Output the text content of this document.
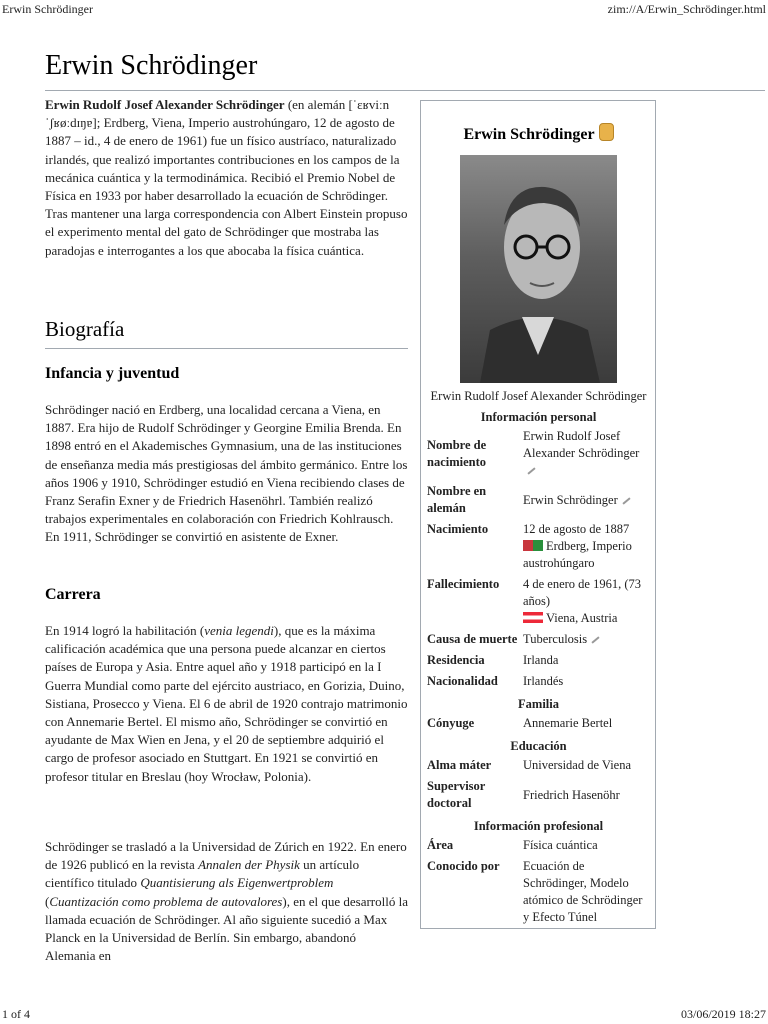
Erwin Schrödinger	zim://A/Erwin_Schrödinger.html
Erwin Schrödinger

Erwin Rudolf Josef Alexander Schrödinger (en alemán [ˈɛʁviːn ˈʃʁøːdɪŋɐ]; Erdberg, Viena, Imperio austrohúngaro, 12 de agosto de 1887 – id., 4 de enero de 1961) fue un físico austríaco, naturalizado irlandés, que realizó importantes contribuciones en los campos de la mecánica cuántica y la termodinámica. Recibió el Premio Nobel de Física en 1933 por haber desarrollado la ecuación de Schrödinger. Tras mantener una larga correspondencia con Albert Einstein propuso el experimento mental del gato de Schrödinger que mostraba las paradojas e interrogantes a los que abocaba la física cuántica.

Biografía
Infancia y juventud

Schrödinger nació en Erdberg, una localidad cercana a Viena, en 1887. Era hijo de Rudolf Schrödinger y Georgine Emilia Brenda. En 1898 entró en el Akademisches Gymnasium, una de las instituciones de enseñanza media más prestigiosas del ámbito germánico. Entre los años 1906 y 1910, Schrödinger estudió en Viena recibiendo clases de Franz Serafin Exner y de Friedrich Hasenöhrl. También realizó trabajos experimentales en colaboración con Friedrich Kohlrausch. En 1911, Schrödinger se convirtió en asistente de Exner.

Carrera

En 1914 logró la habilitación (venia legendi), que es la máxima calificación académica que una persona puede alcanzar en ciertos países de Europa y Asia. Entre aquel año y 1918 participó en la I Guerra Mundial como parte del ejército austriaco, en Gorizia, Duino, Sistiana, Prosecco y Viena. El 6 de abril de 1920 contrajo matrimonio con Annemarie Bertel. El mismo año, Schrödinger se convirtió en ayudante de Max Wien en Jena, y el 20 de septiembre adquirió el cargo de profesor asociado en Stuttgart. En 1921 se convirtió en profesor titular en Breslau (hoy Wrocław, Polonia).

Schrödinger se trasladó a la Universidad de Zúrich en 1922. En enero de 1926 publicó en la revista Annalen der Physik un artículo científico titulado Quantisierung als Eigenwertproblem (Cuantización como problema de autovalores), en el que desarrolló la llamada ecuación de Schrödinger. Al año siguiente sucedió a Max Planck en la Universidad de Berlín. Sin embargo, abandonó Alemania en

Erwin Schrödinger
Erwin Rudolf Josef Alexander Schrödinger
Información personal
Nombre de nacimiento	Erwin Rudolf Josef Alexander Schrödinger
Nombre en alemán	Erwin Schrödinger
Nacimiento	12 de agosto de 1887
Erdberg, Imperio austrohúngaro

Fallecimiento	4 de enero de 1961, (73 años)
Viena, Austria

Causa de muerte	Tuberculosis
Residencia	Irlanda
Nacionalidad	Irlandés
Familia
Cónyuge	Annemarie Bertel
Educación
Alma máter	Universidad de Viena
Supervisor doctoral	Friedrich Hasenöhr
Información profesional
Área	Física cuántica
Conocido por	Ecuación de Schrödinger, Modelo atómico de Schrödinger y Efecto Túnel
1 of 4	03/06/2019 18:27
